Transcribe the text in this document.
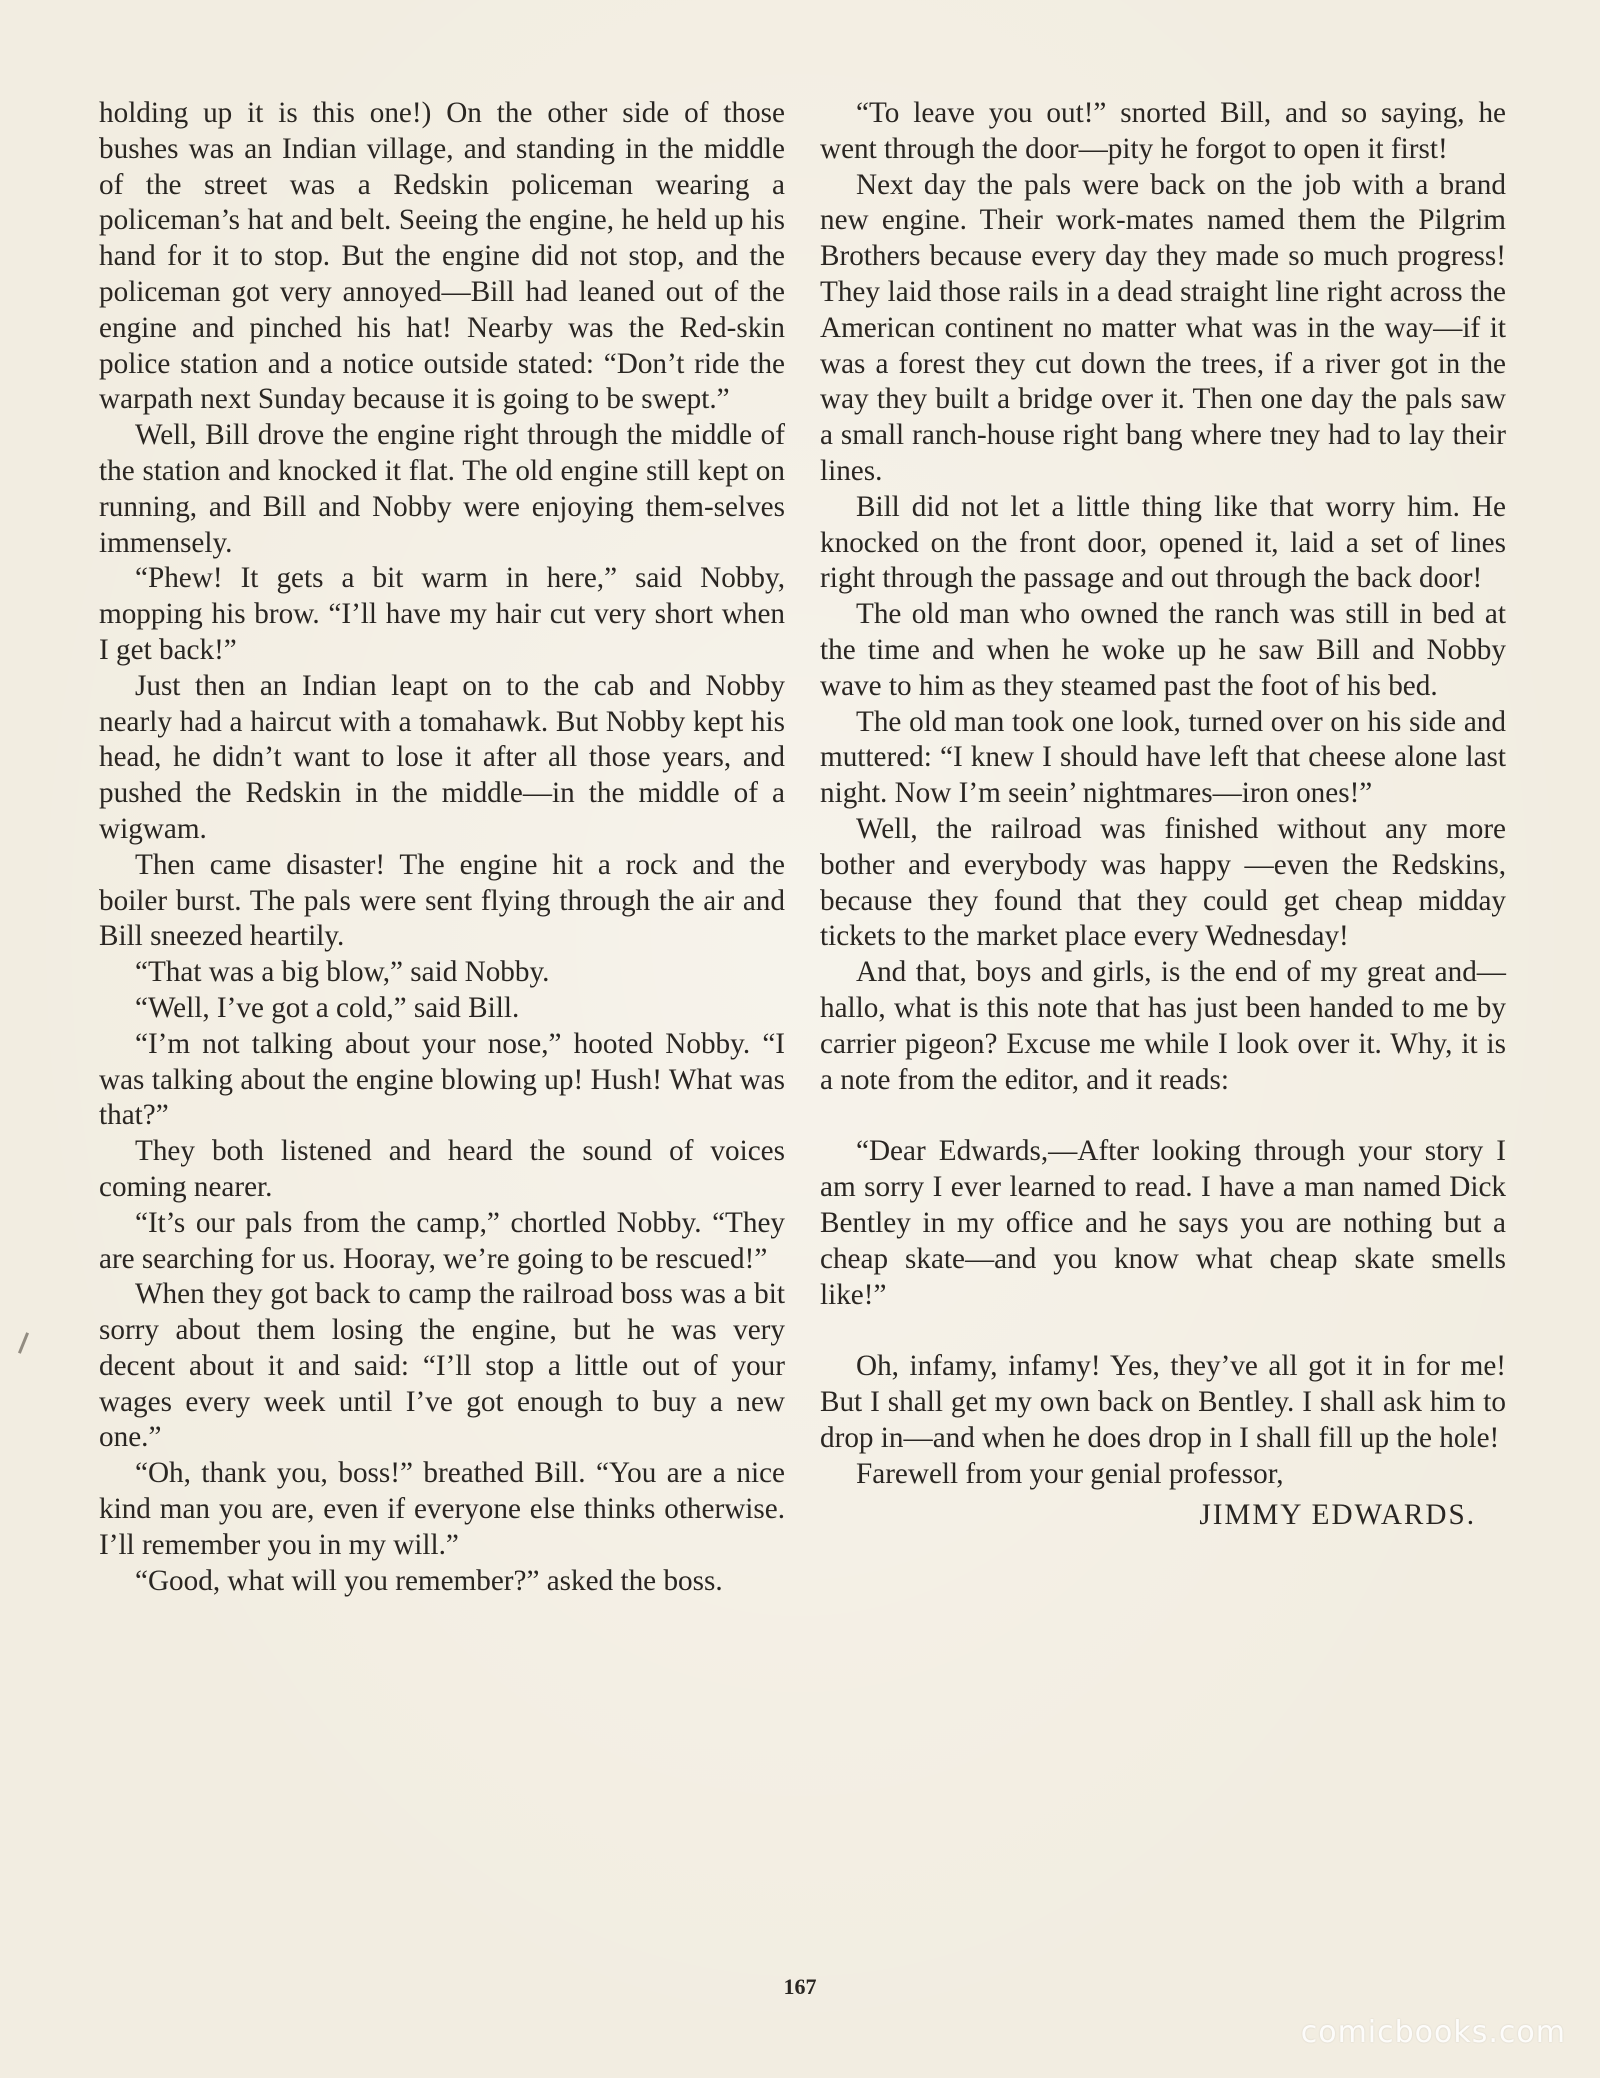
holding up it is this one!) On the other side of those bushes was an Indian village, and standing in the middle of the street was a Redskin policeman wearing a policeman’s hat and belt. Seeing the engine, he held up his hand for it to stop. But the engine did not stop, and the policeman got very annoyed—Bill had leaned out of the engine and pinched his hat! Nearby was the Red-skin police station and a notice outside stated: “Don’t ride the warpath next Sunday because it is going to be swept.”

Well, Bill drove the engine right through the middle of the station and knocked it flat. The old engine still kept on running, and Bill and Nobby were enjoying them-selves immensely.

“Phew! It gets a bit warm in here,” said Nobby, mopping his brow. “I’ll have my hair cut very short when I get back!”

Just then an Indian leapt on to the cab and Nobby nearly had a haircut with a tomahawk. But Nobby kept his head, he didn’t want to lose it after all those years, and pushed the Redskin in the middle—in the middle of a wigwam.

Then came disaster! The engine hit a rock and the boiler burst. The pals were sent flying through the air and Bill sneezed heartily.

“That was a big blow,” said Nobby.

“Well, I’ve got a cold,” said Bill.

“I’m not talking about your nose,” hooted Nobby. “I was talking about the engine blowing up! Hush! What was that?”

They both listened and heard the sound of voices coming nearer.

“It’s our pals from the camp,” chortled Nobby. “They are searching for us. Hooray, we’re going to be rescued!”

When they got back to camp the railroad boss was a bit sorry about them losing the engine, but he was very decent about it and said: “I’ll stop a little out of your wages every week until I’ve got enough to buy a new one.”

“Oh, thank you, boss!” breathed Bill. “You are a nice kind man you are, even if everyone else thinks otherwise. I’ll remember you in my will.”

“Good, what will you remember?” asked the boss.

“To leave you out!” snorted Bill, and so saying, he went through the door—pity he forgot to open it first!

Next day the pals were back on the job with a brand new engine. Their work-mates named them the Pilgrim Brothers because every day they made so much progress! They laid those rails in a dead straight line right across the American continent no matter what was in the way—if it was a forest they cut down the trees, if a river got in the way they built a bridge over it. Then one day the pals saw a small ranch-house right bang where tney had to lay their lines.

Bill did not let a little thing like that worry him. He knocked on the front door, opened it, laid a set of lines right through the passage and out through the back door!

The old man who owned the ranch was still in bed at the time and when he woke up he saw Bill and Nobby wave to him as they steamed past the foot of his bed.

The old man took one look, turned over on his side and muttered: “I knew I should have left that cheese alone last night. Now I’m seein’ nightmares—iron ones!”

Well, the railroad was finished without any more bother and everybody was happy —even the Redskins, because they found that they could get cheap midday tickets to the market place every Wednesday!

And that, boys and girls, is the end of my great and—hallo, what is this note that has just been handed to me by carrier pigeon? Excuse me while I look over it. Why, it is a note from the editor, and it reads:

“Dear Edwards,—After looking through your story I am sorry I ever learned to read. I have a man named Dick Bentley in my office and he says you are nothing but a cheap skate—and you know what cheap skate smells like!”

Oh, infamy, infamy! Yes, they’ve all got it in for me! But I shall get my own back on Bentley. I shall ask him to drop in—and when he does drop in I shall fill up the hole!

Farewell from your genial professor,

JIMMY EDWARDS.

167
comicbooks.com
